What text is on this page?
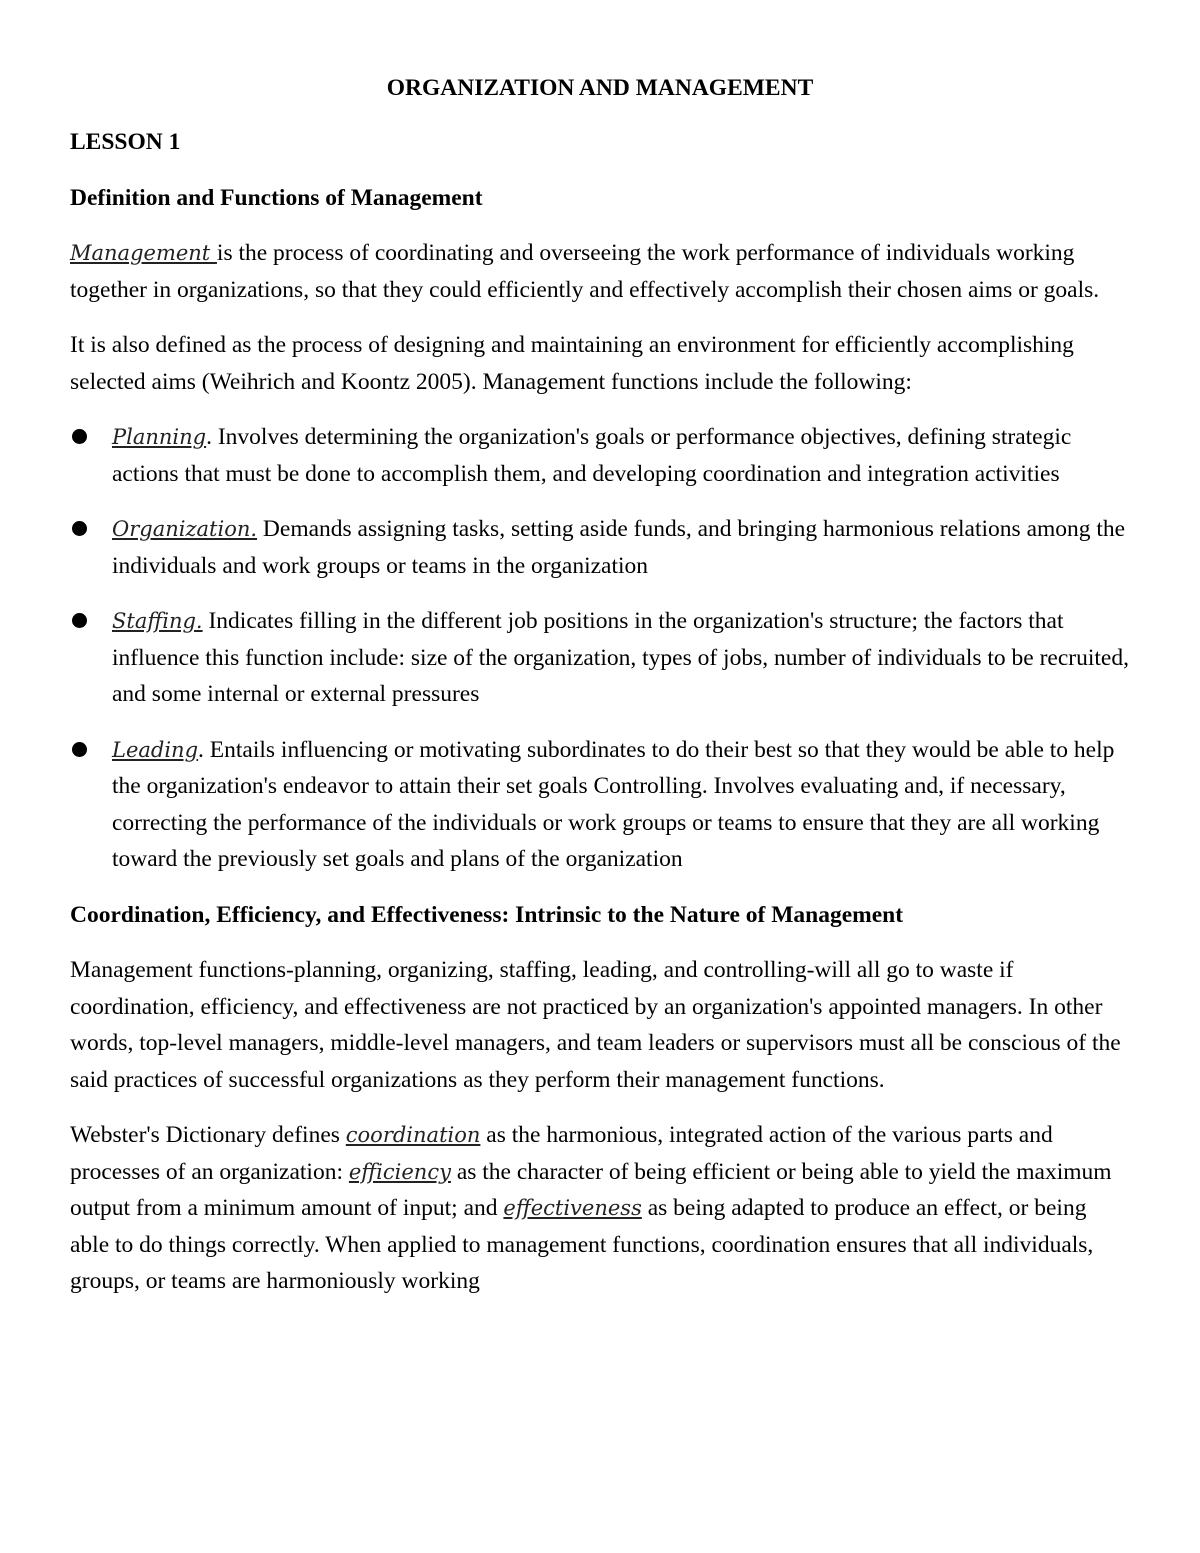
ORGANIZATION AND MANAGEMENT
LESSON 1
Definition and Functions of Management

Management is the process of coordinating and overseeing the work performance of individuals working together in organizations, so that they could efficiently and effectively accomplish their chosen aims or goals.

It is also defined as the process of designing and maintaining an environment for efficiently accomplishing selected aims (Weihrich and Koontz 2005). Management functions include the following:

Planning. Involves determining the organization's goals or performance objectives, defining strategic actions that must be done to accomplish them, and developing coordination and integration activities
Organization. Demands assigning tasks, setting aside funds, and bringing harmonious relations among the individuals and work groups or teams in the organization
Staffing. Indicates filling in the different job positions in the organization's structure; the factors that influence this function include: size of the organization, types of jobs, number of individuals to be recruited, and some internal or external pressures
Leading. Entails influencing or motivating subordinates to do their best so that they would be able to help the organization's endeavor to attain their set goals Controlling. Involves evaluating and, if necessary, correcting the performance of the individuals or work groups or teams to ensure that they are all working toward the previously set goals and plans of the organization
Coordination, Efficiency, and Effectiveness: Intrinsic to the Nature of Management

Management functions-planning, organizing, staffing, leading, and controlling-will all go to waste if coordination, efficiency, and effectiveness are not practiced by an organization's appointed managers. In other words, top-level managers, middle-level managers, and team leaders or supervisors must all be conscious of the said practices of successful organizations as they perform their management functions.

Webster's Dictionary defines coordination as the harmonious, integrated action of the various parts and processes of an organization: efficiency as the character of being efficient or being able to yield the maximum output from a minimum amount of input; and effectiveness as being adapted to produce an effect, or being able to do things correctly. When applied to management functions, coordination ensures that all individuals, groups, or teams are harmoniously working
